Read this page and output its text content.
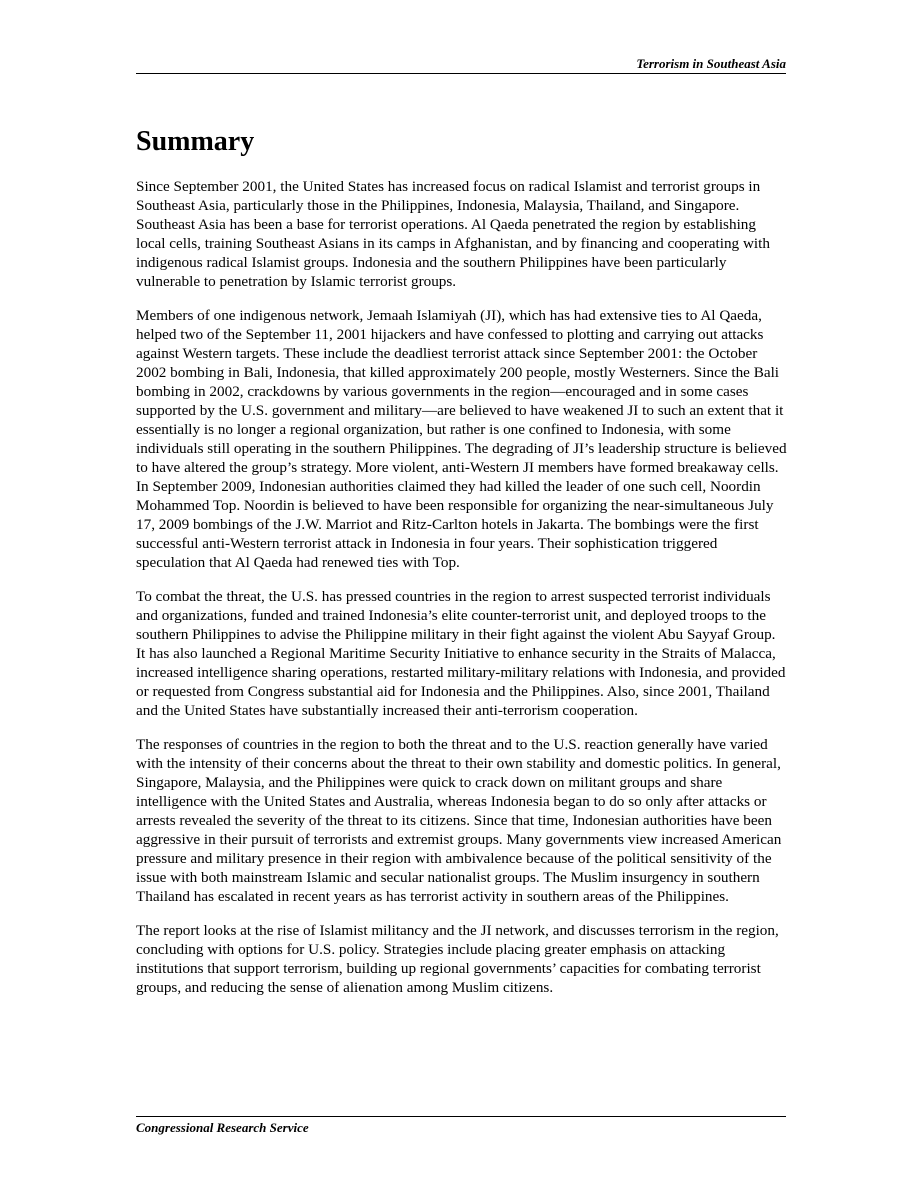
Terrorism in Southeast Asia
Summary

Since September 2001, the United States has increased focus on radical Islamist and terrorist groups in Southeast Asia, particularly those in the Philippines, Indonesia, Malaysia, Thailand, and Singapore. Southeast Asia has been a base for terrorist operations. Al Qaeda penetrated the region by establishing local cells, training Southeast Asians in its camps in Afghanistan, and by financing and cooperating with indigenous radical Islamist groups. Indonesia and the southern Philippines have been particularly vulnerable to penetration by Islamic terrorist groups.

Members of one indigenous network, Jemaah Islamiyah (JI), which has had extensive ties to Al Qaeda, helped two of the September 11, 2001 hijackers and have confessed to plotting and carrying out attacks against Western targets. These include the deadliest terrorist attack since September 2001: the October 2002 bombing in Bali, Indonesia, that killed approximately 200 people, mostly Westerners. Since the Bali bombing in 2002, crackdowns by various governments in the region—encouraged and in some cases supported by the U.S. government and military—are believed to have weakened JI to such an extent that it essentially is no longer a regional organization, but rather is one confined to Indonesia, with some individuals still operating in the southern Philippines. The degrading of JI’s leadership structure is believed to have altered the group’s strategy. More violent, anti-Western JI members have formed breakaway cells. In September 2009, Indonesian authorities claimed they had killed the leader of one such cell, Noordin Mohammed Top. Noordin is believed to have been responsible for organizing the near-simultaneous July 17, 2009 bombings of the J.W. Marriot and Ritz-Carlton hotels in Jakarta. The bombings were the first successful anti-Western terrorist attack in Indonesia in four years. Their sophistication triggered speculation that Al Qaeda had renewed ties with Top.

To combat the threat, the U.S. has pressed countries in the region to arrest suspected terrorist individuals and organizations, funded and trained Indonesia’s elite counter-terrorist unit, and deployed troops to the southern Philippines to advise the Philippine military in their fight against the violent Abu Sayyaf Group. It has also launched a Regional Maritime Security Initiative to enhance security in the Straits of Malacca, increased intelligence sharing operations, restarted military-military relations with Indonesia, and provided or requested from Congress substantial aid for Indonesia and the Philippines. Also, since 2001, Thailand and the United States have substantially increased their anti-terrorism cooperation.

The responses of countries in the region to both the threat and to the U.S. reaction generally have varied with the intensity of their concerns about the threat to their own stability and domestic politics. In general, Singapore, Malaysia, and the Philippines were quick to crack down on militant groups and share intelligence with the United States and Australia, whereas Indonesia began to do so only after attacks or arrests revealed the severity of the threat to its citizens. Since that time, Indonesian authorities have been aggressive in their pursuit of terrorists and extremist groups. Many governments view increased American pressure and military presence in their region with ambivalence because of the political sensitivity of the issue with both mainstream Islamic and secular nationalist groups. The Muslim insurgency in southern Thailand has escalated in recent years as has terrorist activity in southern areas of the Philippines.

The report looks at the rise of Islamist militancy and the JI network, and discusses terrorism in the region, concluding with options for U.S. policy. Strategies include placing greater emphasis on attacking institutions that support terrorism, building up regional governments’ capacities for combating terrorist groups, and reducing the sense of alienation among Muslim citizens.

Congressional Research Service
